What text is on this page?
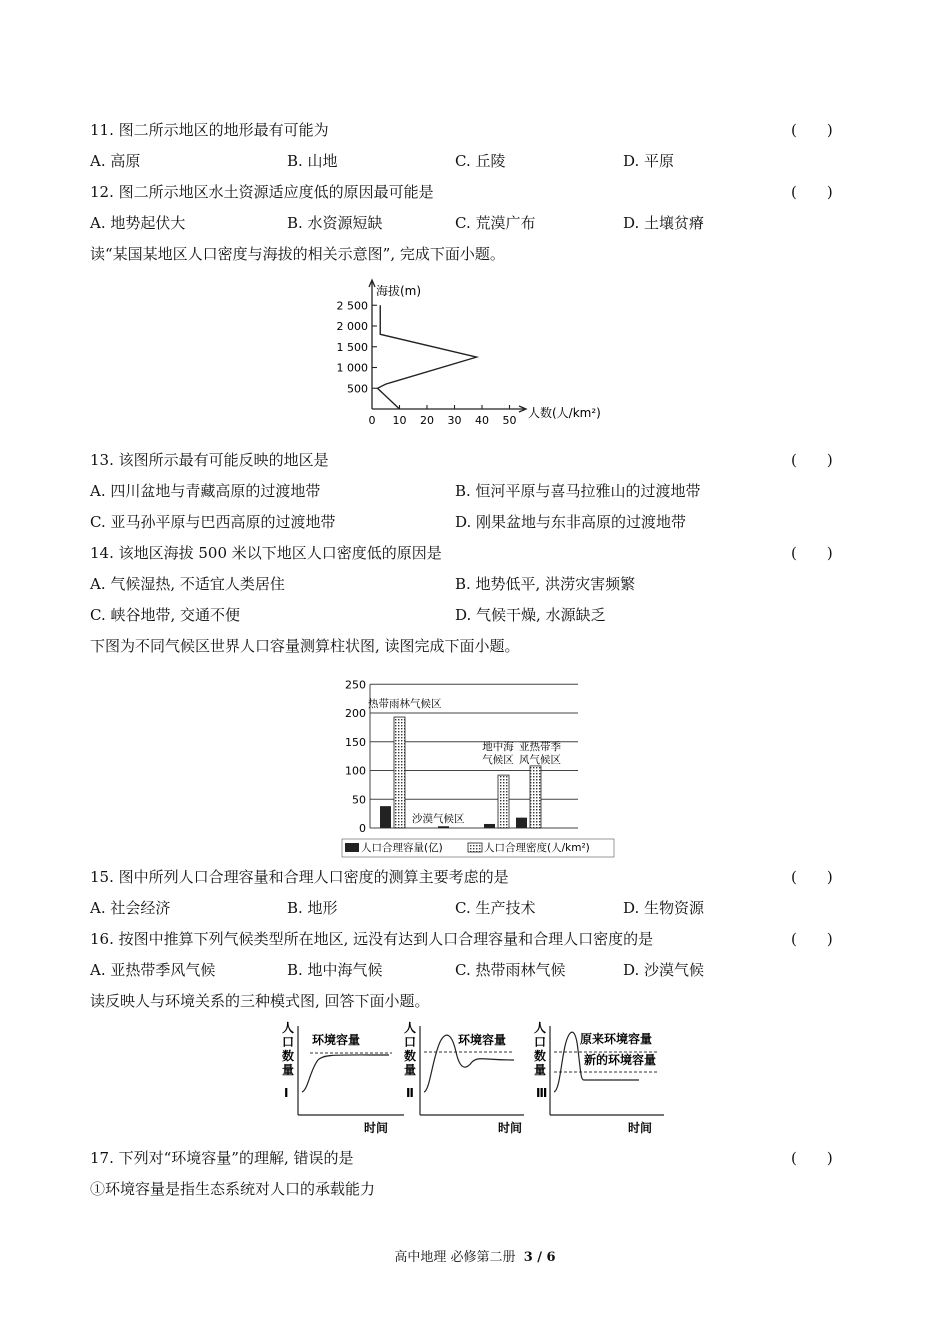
11. 图二所示地区的地形最有可能为	(　　)
A. 高原	B. 山地	C. 丘陵	D. 平原
12. 图二所示地区水土资源适应度低的原因最可能是	(　　)
A. 地势起伏大	B. 水资源短缺	C. 荒漠广布	D. 土壤贫瘠
读“某国某地区人口密度与海拔的相关示意图”, 完成下面小题。
2 500
2 000
1 500
1 000
500
0 10 20 30 40 50
海拔(m)
人数(人/km²)
13. 该图所示最有可能反映的地区是	(　　)
A. 四川盆地与青藏高原的过渡地带	B. 恒河平原与喜马拉雅山的过渡地带
C. 亚马孙平原与巴西高原的过渡地带	D. 刚果盆地与东非高原的过渡地带
14. 该地区海拔 500 米以下地区人口密度低的原因是	(　　)
A. 气候湿热, 不适宜人类居住	B. 地势低平, 洪涝灾害频繁
C. 峡谷地带, 交通不便	D. 气候干燥, 水源缺乏
下图为不同气候区世界人口容量测算柱状图, 读图完成下面小题。
250
200
150
100
50
0
热带雨林气候区
沙漠气候区
地中海
气候区
亚热带季
风气候区
人口合理容量(亿)	人口合理密度(人/km²)
15. 图中所列人口合理容量和合理人口密度的测算主要考虑的是	(　　)
A. 社会经济	B. 地形	C. 生产技术	D. 生物资源
16. 按图中推算下列气候类型所在地区, 远没有达到人口合理容量和合理人口密度的是	(　　)
A. 亚热带季风气候	B. 地中海气候	C. 热带雨林气候	D. 沙漠气候
读反映人与环境关系的三种模式图, 回答下面小题。
人
口
数
量
Ⅰ
环境容量
时间
人
口
数
量
Ⅱ
环境容量
时间
人
口
数
量
Ⅲ
原来环境容量
新的环境容量
时间
17. 下列对“环境容量”的理解, 错误的是	(　　)
①环境容量是指生态系统对人口的承载能力
高中地理 必修第二册 3 / 6
